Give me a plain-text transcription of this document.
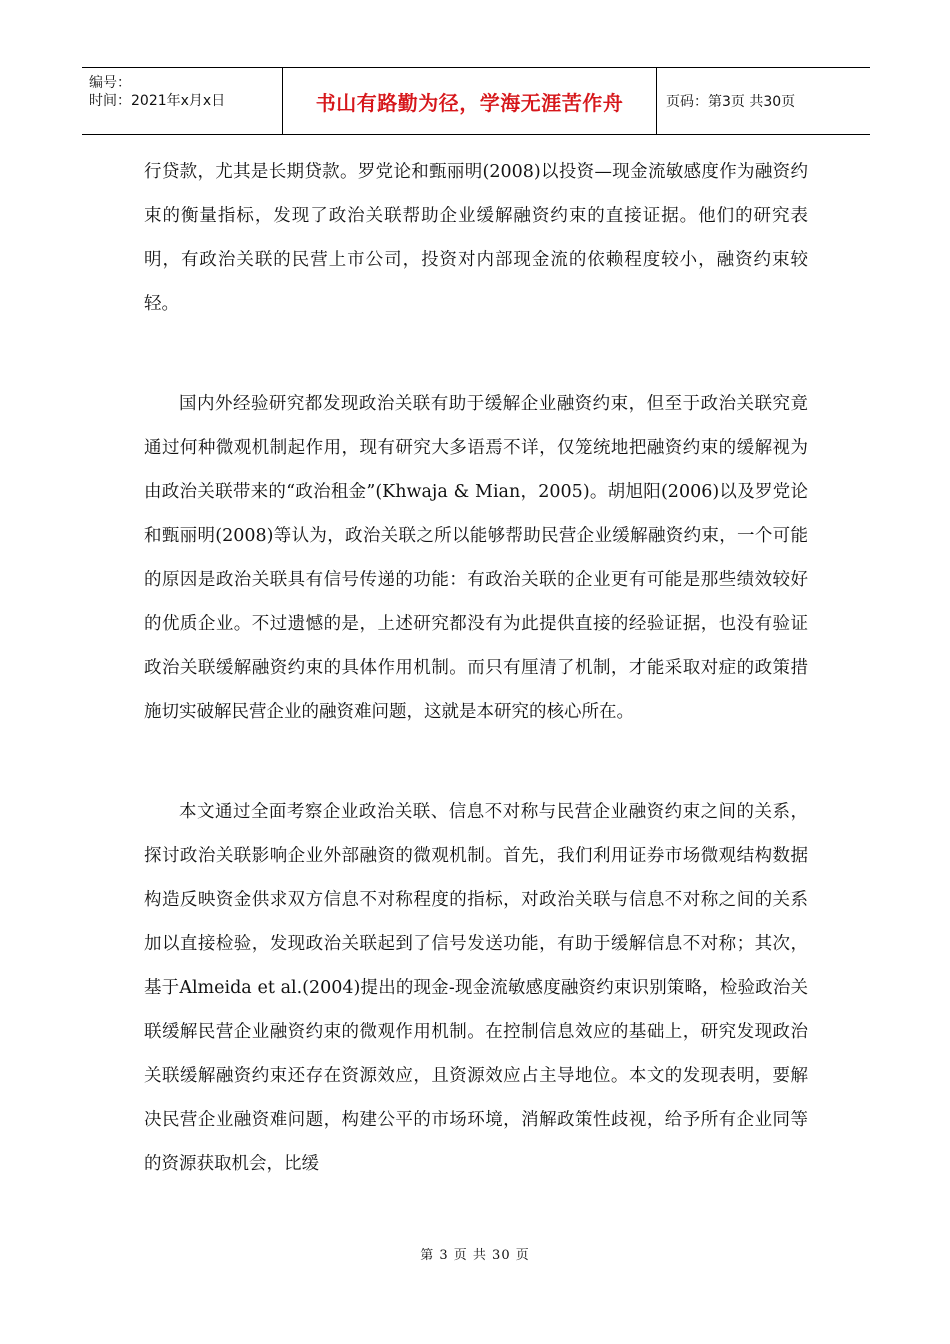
编号：
时间：2021年x月x日	书山有路勤为径，学海无涯苦作舟	页码：第3页 共30页

行贷款，尤其是长期贷款。罗党论和甄丽明(2008)以投资—现金流敏感度作为融资约束的衡量指标，发现了政治关联帮助企业缓解融资约束的直接证据。他们的研究表明，有政治关联的民营上市公司，投资对内部现金流的依赖程度较小，融资约束较轻。

国内外经验研究都发现政治关联有助于缓解企业融资约束，但至于政治关联究竟通过何种微观机制起作用，现有研究大多语焉不详，仅笼统地把融资约束的缓解视为由政治关联带来的“政治租金”(Khwaja & Mian，2005)。胡旭阳(2006)以及罗党论和甄丽明(2008)等认为，政治关联之所以能够帮助民营企业缓解融资约束，一个可能的原因是政治关联具有信号传递的功能：有政治关联的企业更有可能是那些绩效较好的优质企业。不过遗憾的是，上述研究都没有为此提供直接的经验证据，也没有验证政治关联缓解融资约束的具体作用机制。而只有厘清了机制，才能采取对症的政策措施切实破解民营企业的融资难问题，这就是本研究的核心所在。

本文通过全面考察企业政治关联、信息不对称与民营企业融资约束之间的关系，探讨政治关联影响企业外部融资的微观机制。首先，我们利用证券市场微观结构数据构造反映资金供求双方信息不对称程度的指标，对政治关联与信息不对称之间的关系加以直接检验，发现政治关联起到了信号发送功能，有助于缓解信息不对称；其次，基于Almeida et al.(2004)提出的现金-现金流敏感度融资约束识别策略，检验政治关联缓解民营企业融资约束的微观作用机制。在控制信息效应的基础上，研究发现政治关联缓解融资约束还存在资源效应，且资源效应占主导地位。本文的发现表明，要解决民营企业融资难问题，构建公平的市场环境，消解政策性歧视，给予所有企业同等的资源获取机会，比缓

第 3 页 共 30 页
